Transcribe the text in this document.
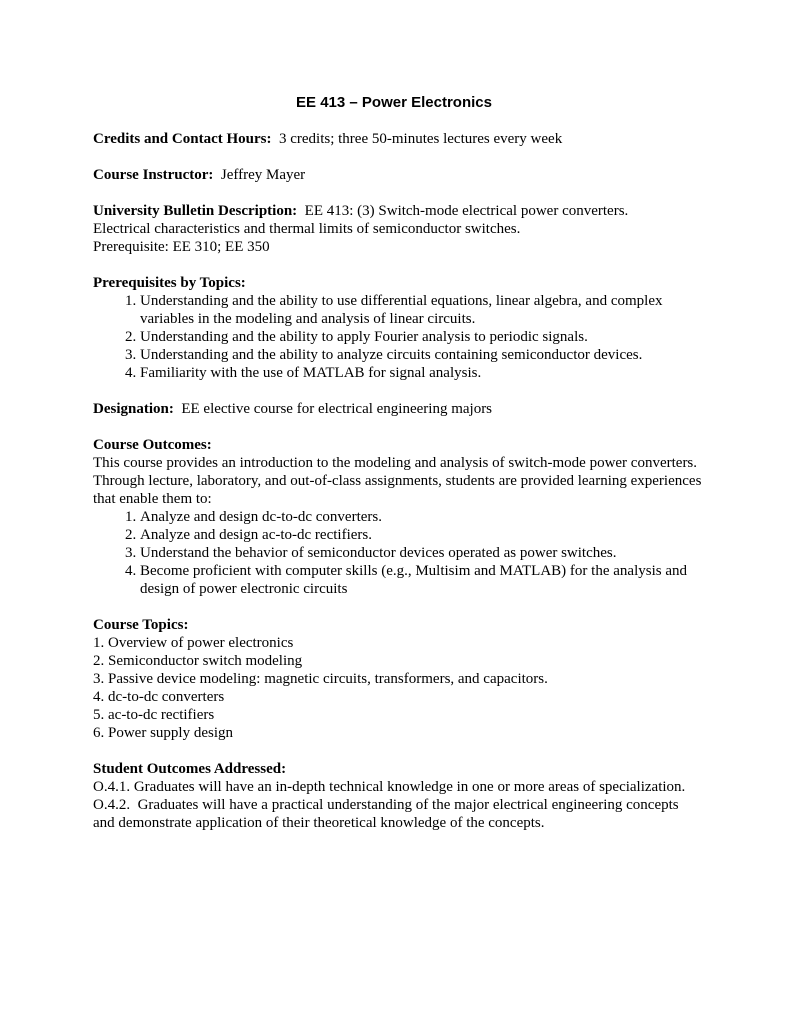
EE 413 – Power Electronics
Credits and Contact Hours: 3 credits; three 50-minutes lectures every week
Course Instructor: Jeffrey Mayer
University Bulletin Description: EE 413: (3) Switch-mode electrical power converters.
Electrical characteristics and thermal limits of semiconductor switches.
Prerequisite: EE 310; EE 350
Prerequisites by Topics:
1. Understanding and the ability to use differential equations, linear algebra, and complex variables in the modeling and analysis of linear circuits.
2. Understanding and the ability to apply Fourier analysis to periodic signals.
3. Understanding and the ability to analyze circuits containing semiconductor devices.
4. Familiarity with the use of MATLAB for signal analysis.
Designation: EE elective course for electrical engineering majors
Course Outcomes:
This course provides an introduction to the modeling and analysis of switch-mode power converters. Through lecture, laboratory, and out-of-class assignments, students are provided learning experiences that enable them to:
1. Analyze and design dc-to-dc converters.
2. Analyze and design ac-to-dc rectifiers.
3. Understand the behavior of semiconductor devices operated as power switches.
4. Become proficient with computer skills (e.g., Multisim and MATLAB) for the analysis and design of power electronic circuits
Course Topics:
1. Overview of power electronics
2. Semiconductor switch modeling
3. Passive device modeling: magnetic circuits, transformers, and capacitors.
4. dc-to-dc converters
5. ac-to-dc rectifiers
6. Power supply design
Student Outcomes Addressed:
O.4.1. Graduates will have an in-depth technical knowledge in one or more areas of specialization.
O.4.2.  Graduates will have a practical understanding of the major electrical engineering concepts and demonstrate application of their theoretical knowledge of the concepts.
